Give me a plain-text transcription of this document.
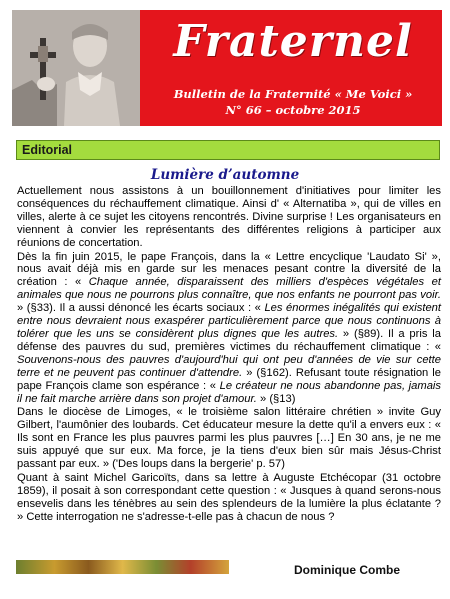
Fraternel
Bulletin de la Fraternité « Me Voici »
N° 66 – octobre 2015
Editorial
Lumière d’automne

Actuellement nous assistons à un bouillonnement d'initiatives pour limiter les conséquences du réchauffement climatique. Ainsi d' « Alternatiba », qui de villes en villes, alerte à ce sujet les citoyens rencontrés. Divine surprise ! Les organisateurs en viennent à convier les représentants des différentes religions à participer aux réunions de concertation.

Dès la fin juin 2015, le pape François, dans la « Lettre encyclique 'Laudato Si' », nous avait déjà mis en garde sur les menaces pesant contre la diversité de la création : « Chaque année, disparaissent des milliers d'espèces végétales et animales que nous ne pourrons plus connaître, que nos enfants ne pourront pas voir. » (§33). Il a aussi dénoncé les écarts sociaux : « Les énormes inégalités qui existent entre nous devraient nous exaspérer particulièrement parce que nous continuons à tolérer que les uns se considèrent plus dignes que les autres. » (§89). Il a pris la défense des pauvres du sud, premières victimes du réchauffement climatique : « Souvenons-nous des pauvres d'aujourd'hui qui ont peu d'années de vie sur cette terre et ne peuvent pas continuer d'attendre. » (§162). Refusant toute résignation le pape François clame son espérance : « Le créateur ne nous abandonne pas, jamais il ne fait marche arrière dans son projet d'amour. » (§13)

Dans le diocèse de Limoges, « le troisième salon littéraire chrétien » invite Guy Gilbert, l'aumônier des loubards. Cet éducateur mesure la dette qu'il a envers eux : « Ils sont en France les plus pauvres parmi les plus pauvres […] En 30 ans, je ne me suis appuyé que sur eux. Ma force, je la tiens d'eux bien sûr mais Jésus-Christ passant par eux. » ('Des loups dans la bergerie' p. 57)

Quant à saint Michel Garicoïts, dans sa lettre à Auguste Etchécopar (31 octobre 1859), il posait à son correspondant cette question : « Jusques à quand serons-nous ensevelis dans les ténèbres au sein des splendeurs de la lumière la plus éclatante ? » Cette interrogation ne s'adresse-t-elle pas à chacun de nous ?

Dominique Combe
